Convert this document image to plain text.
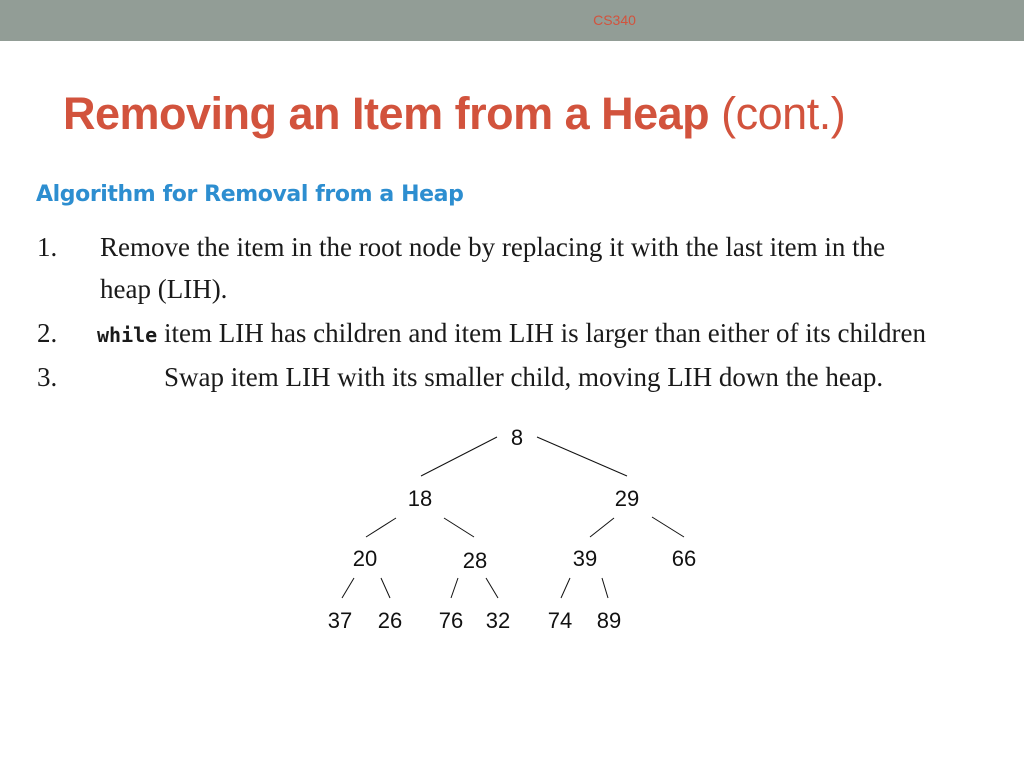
CS340
Removing an Item from a Heap (cont.)
Algorithm for Removal from a Heap
1. Remove the item in the root node by replacing it with the last item in the
heap (LIH).
2. while item LIH has children and item LIH is larger than either of its children
3.	Swap item LIH with its smaller child, moving LIH down the heap.
8
18	29
20	28	39	66
37 26 76 32 74 89
